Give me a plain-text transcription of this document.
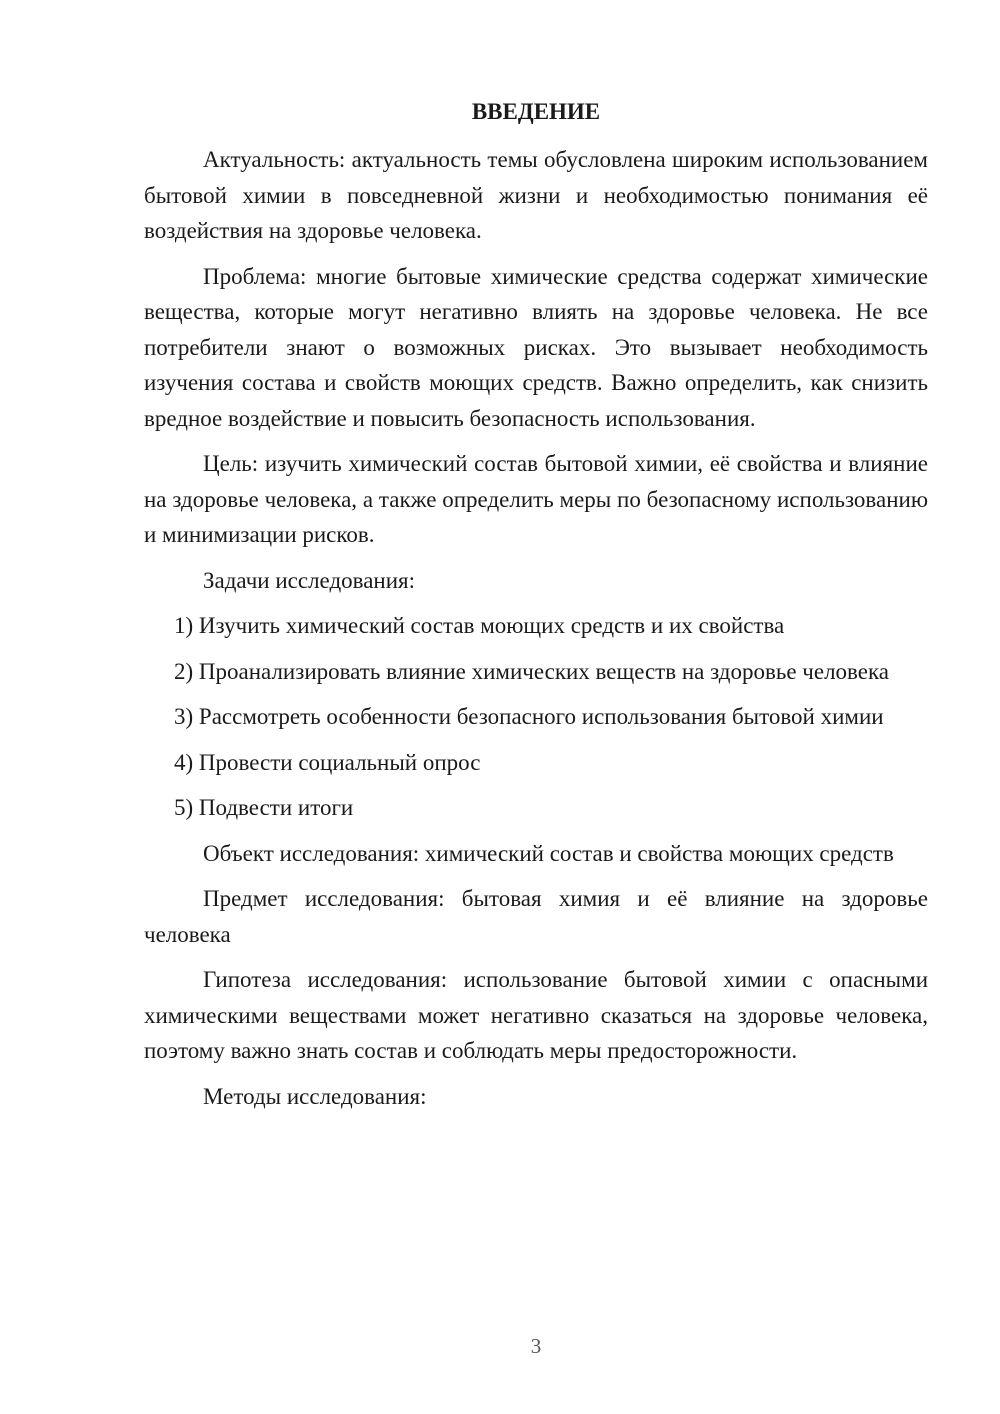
ВВЕДЕНИЕ

Актуальность: актуальность темы обусловлена широким использованием бытовой химии в повседневной жизни и необходимостью понимания её воздействия на здоровье человека.

Проблема: многие бытовые химические средства содержат химические вещества, которые могут негативно влиять на здоровье человека. Не все потребители знают о возможных рисках. Это вызывает необходимость изучения состава и свойств моющих средств. Важно определить, как снизить вредное воздействие и повысить безопасность использования.

Цель: изучить химический состав бытовой химии, её свойства и влияние на здоровье человека, а также определить меры по безопасному использованию и минимизации рисков.

Задачи исследования:

1) Изучить химический состав моющих средств и их свойства

2) Проанализировать влияние химических веществ на здоровье человека

3) Рассмотреть особенности безопасного использования бытовой химии

4) Провести социальный опрос

5) Подвести итоги

Объект исследования: химический состав и свойства моющих средств

Предмет исследования: бытовая химия и её влияние на здоровье человека

Гипотеза исследования: использование бытовой химии с опасными химическими веществами может негативно сказаться на здоровье человека, поэтому важно знать состав и соблюдать меры предосторожности.

Методы исследования:

3
